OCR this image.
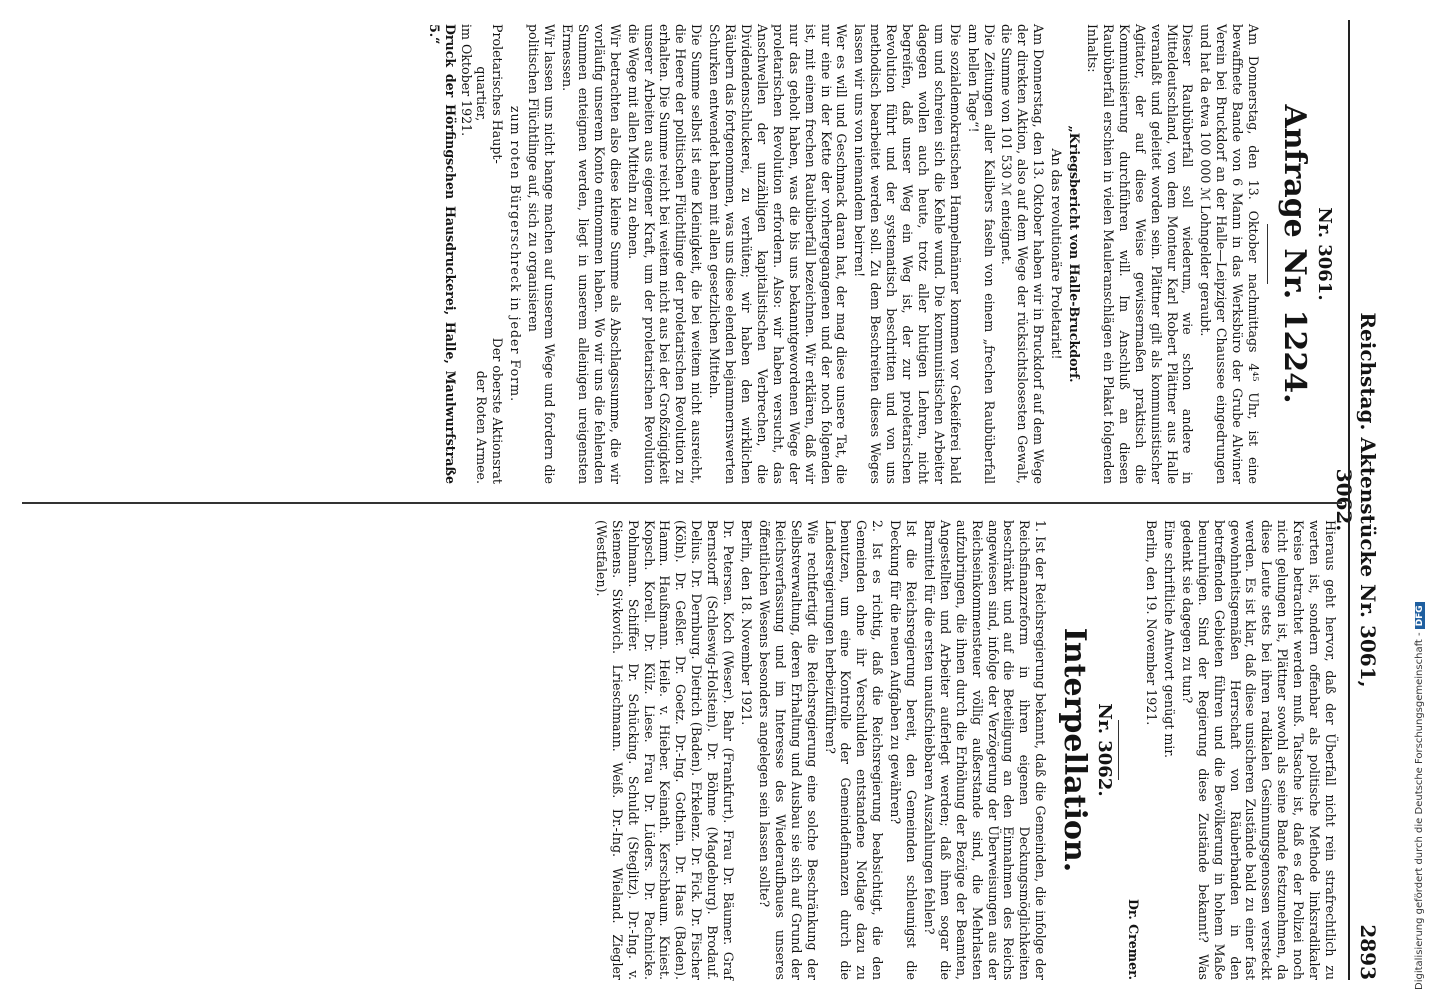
Reichstag. Aktenstücke Nr. 3061, 3062.
2893
Nr. 3061.
Anfrage Nr. 1224.

Am Donnerstag, den 13. Oktober nachmittags 4⁴⁵ Uhr, ist eine bewaffnete Bande von 6 Mann in das Werksbüro der Grube Alwiner Verein bei Bruckdorf an der Halle—Leipziger Chaussee eingedrungen und hat da etwa 100 000 ℳ Lohngelder geraubt.

Dieser Raubüberfall soll wiederum, wie schon andere in Mitteldeutschland, von dem Monteur Karl Robert Plättner aus Halle veranlaßt und geleitet worden sein. Plättner gilt als kommunistischer Agitator, der auf diese Weise gewissermaßen praktisch die Kommunisierung durchführen will. Im Anschluß an diesen Raubüberfall erschien in vielen Mauleranschlägen ein Plakat folgenden Inhalts:

„Kriegsbericht von Halle-Bruckdorf.

An das revolutionäre Proletariat!

Am Donnerstag, den 13. Oktober haben wir in Bruckdorf auf dem Wege der direkten Aktion, also auf dem Wege der rücksichtslosesten Gewalt, die Summe von 101 530 ℳ enteignet.

Die Zeitungen aller Kalibers faseln von einem „frechen Raubüberfall am hellen Tage“!

Die sozialdemokratischen Hampelmänner kommen vor Gekeiferei bald um und schreien sich die Kehle wund. Die kommunistischen Arbeiter dagegen wollen auch heute, trotz aller blutigen Lehren, nicht begreifen, daß unser Weg ein Weg ist, der zur proletarischen Revolution führt und der systematisch beschritten und von uns methodisch bearbeitet werden soll. Zu dem Beschreiten dieses Weges lassen wir uns von niemandem beirren!

Wer es will und Geschmack daran hat, der mag diese unsere Tat, die nur eine in der Kette der vorhergegangenen und der noch folgenden ist, mit einem frechen Raubüberfall bezeichnen. Wir erklären, daß wir nur das geholt haben, was die bis uns bekanntgewordenen Wege der proletarischen Revolution erfordern. Also: wir haben versucht, das Anschwellen der unzähligen kapitalistischen Verbrechen, die Dividendenschluckerei, zu verhüten; wir haben den wirklichen Räubern das fortgenommen, was uns diese elenden bejammernswerten Schurken entwendet haben mit allen gesetzlichen Mitteln.

Die Summe selbst ist eine Kleinigkeit, die bei weitem nicht ausreicht, die Heere der politischen Flüchtlinge der proletarischen Revolution zu erhalten. Die Summe reicht bei weitem nicht aus bei der Großzügigkeit unserer Arbeiten aus eigener Kraft, um der proletarischen Revolution die Wege mit allen Mitteln zu ebnen.

Wir betrachten also diese kleine Summe als Abschlagssumme, die wir vorläufig unserem Konto entnommen haben. Wo wir uns die fehlenden Summen enteignen werden, liegt in unserem alleinigen ureigensten Ermessen.

Wir lassen uns nicht bange machen auf unserem Wege und fordern die politischen Flüchtlinge auf, sich zu organisieren

zum roten Bürgerschreck in jeder Form.

Proletarisches Haupt-
quartier,
im Oktober 1921.
Der oberste Aktionsrat
der Roten Armee.

Druck der Hörfingschen Hausdruckerei, Halle, Maulwurfstraße 5.“

Hieraus geht hervor, daß der Überfall nicht rein strafrechtlich zu werten ist, sondern offenbar als politische Methode linksradikaler Kreise betrachtet werden muß. Tatsache ist, daß es der Polizei noch nicht gelungen ist, Plättner sowohl als seine Bande festzunehmen, da diese Leute stets bei ihren radikalen Gesinnungsgenossen versteckt werden. Es ist klar, daß diese unsicheren Zustände bald zu einer fast gewohnheitsgemäßen Herrschaft von Räuberbanden in den betreffenden Gebieten führen und die Bevölkerung in hohem Maße beunruhigen. Sind der Regierung diese Zustände bekannt? Was gedenkt sie dagegen zu tun?

Eine schriftliche Antwort genügt mir.

Berlin, den 19. November 1921.

Dr. Cremer.

Nr. 3062.
Interpellation.

1. Ist der Reichsregierung bekannt, daß die Gemeinden, die infolge der Reichsfinanzreform in ihren eigenen Deckungsmöglichkeiten beschränkt und auf die Beteiligung an den Einnahmen des Reichs angewiesen sind, infolge der Verzögerung der Überweisungen aus der Reichseinkommensteuer völlig außerstande sind, die Mehrlasten aufzubringen, die ihnen durch die Erhöhung der Bezüge der Beamten, Angestellten und Arbeiter auferlegt werden; daß ihnen sogar die Barmittel für die ersten unaufschiebbaren Auszahlungen fehlen?

Ist die Reichsregierung bereit, den Gemeinden schleunigst die Deckung für die neuen Aufgaben zu gewähren?

2. Ist es richtig, daß die Reichsregierung beabsichtigt, die den Gemeinden ohne ihr Verschulden entstandene Notlage dazu zu benutzen, um eine Kontrolle der Gemeindefinanzen durch die Landesregierungen herbeizuführen?

Wie rechtfertigt die Reichsregierung eine solche Beschränkung der Selbstverwaltung, deren Erhaltung und Ausbau sie sich auf Grund der Reichsverfassung und im Interesse des Wiederaufbaues unseres öffentlichen Wesens besonders angelegen sein lassen sollte?

Berlin, den 18. November 1921.

Dr. Petersen. Koch (Weser). Bahr (Frankfurt). Frau Dr. Bäumer. Graf Bernstorff (Schleswig-Holstein). Dr. Böhme (Magdeburg). Brodauf. Delius. Dr. Dernburg. Dietrich (Baden). Erkelenz. Dr. Fick. Dr. Fischer (Köln). Dr. Geßler. Dr. Goetz. Dr.-Ing. Gothein. Dr. Haas (Baden). Hamm. Haußmann. Heile. v. Hieber. Keinath. Kerschbaum. Kniest. Kopsch. Korell. Dr. Külz. Liese. Frau Dr. Lüders. Dr. Pachnicke. Pohlmann. Schiffer. Dr. Schücking. Schuldt (Steglitz). Dr.-Ing. v. Siemens. Sivkovich. Lrieschmann. Weiß. Dr.-Ing. Wieland. Ziegler (Westfalen).

Digitalisierung gefördert durch die Deutsche Forschungsgemeinschaft -DFG
